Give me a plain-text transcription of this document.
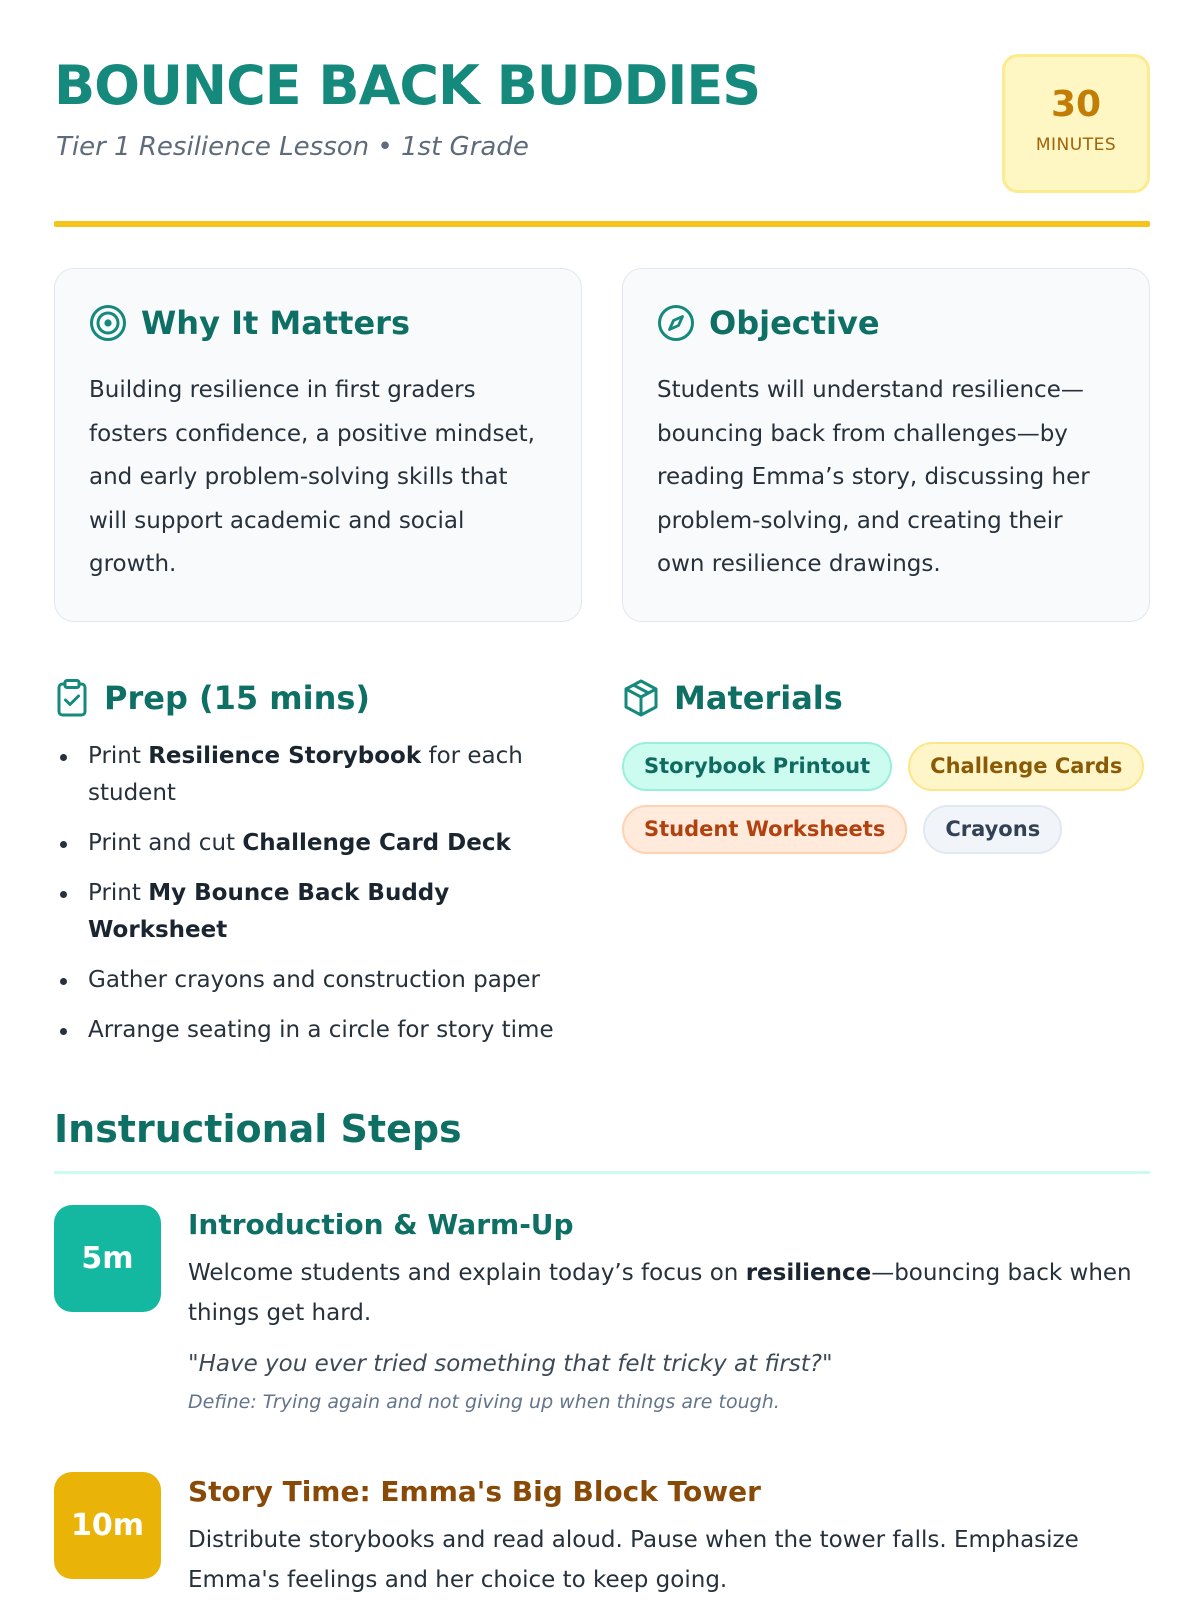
BOUNCE BACK BUDDIES
Tier 1 Resilience Lesson • 1st Grade
30
MINUTES
Why It Matters

Building resilience in first graders fosters confidence, a positive mindset, and early problem-solving skills that will support academic and social growth.

Objective

Students will understand resilience—bouncing back from challenges—by reading Emma’s story, discussing her problem-solving, and creating their own resilience drawings.

Prep (15 mins)
Print Resilience Storybook for each student
Print and cut Challenge Card Deck
Print My Bounce Back Buddy Worksheet
Gather crayons and construction paper
Arrange seating in a circle for story time
Materials
Storybook Printout	Challenge Cards
Student Worksheets	Crayons
Instructional Steps
5m
Introduction & Warm-Up

Welcome students and explain today’s focus on resilience—bouncing back when things get hard.

"Have you ever tried something that felt tricky at first?"

Define: Trying again and not giving up when things are tough.

10m
Story Time: Emma's Big Block Tower

Distribute storybooks and read aloud. Pause when the tower falls. Emphasize Emma's feelings and her choice to keep going.
